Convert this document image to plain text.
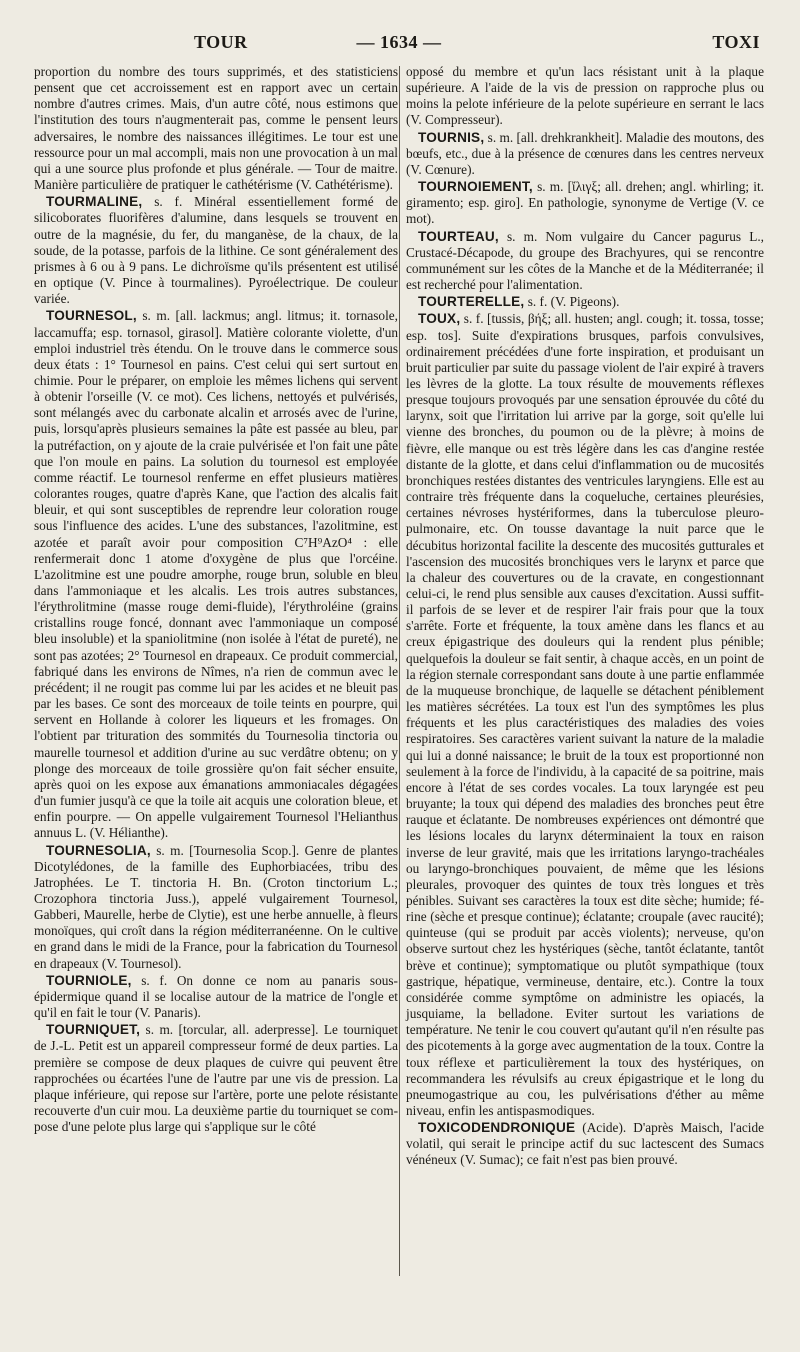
TOUR	— 1634 —	TOXI

proportion du nombre des tours supprimés, et des statisticiens pensent que cet accroissement est en rapport avec un certain nombre d'autres crimes. Mais, d'un autre côté, nous estimons que l'institution des tours n'augmenterait pas, comme le pensent leurs adversaires, le nombre des naissances illégitimes. Le tour est une ressource pour un mal accompli, mais non une provocation à un mal qui a une source plus profonde et plus générale. — Tour de maitre. Manière particulière de pratiquer le cathétérisme (V. Cathétérisme).

TOURMALINE, s. f. Minéral essentiellement formé de silicoborates fluorifères d'alumine, dans lesquels se trouvent en outre de la magnésie, du fer, du manganèse, de la chaux, de la soude, de la potasse, parfois de la lithine. Ce sont généralement des prismes à 6 ou à 9 pans. Le dichroïsme qu'ils présentent est utilisé en optique (V. Pince à tourmalines). Pyroélectrique. De couleur variée.

TOURNESOL, s. m. [all. lackmus; angl. litmus; it. tornasole, laccamuffa; esp. tornasol, girasol]. Matière colorante violette, d'un emploi industriel très étendu. On le trouve dans le commerce sous deux états : 1° Tournesol en pains. C'est celui qui sert surtout en chimie. Pour le préparer, on emploie les mêmes lichens qui servent à obtenir l'orseille (V. ce mot). Ces lichens, nettoyés et pulvérisés, sont mélangés avec du carbonate alcalin et arrosés avec de l'urine, puis, lorsqu'après plusieurs semaines la pâte est passée au bleu, par la putréfaction, on y ajoute de la craie pulvérisée et l'on fait une pâte que l'on moule en pains. La solution du tournesol est employée comme réactif. Le tournesol renferme en effet plusieurs matières colorantes rouges, quatre d'après Kane, que l'action des alcalis fait bleuir, et qui sont susceptibles de reprendre leur coloration rouge sous l'influence des acides. L'une des substances, l'azolitmine, est azotée et paraît avoir pour composition C⁷H⁹AzO⁴ : elle renfermerait donc 1 atome d'oxygène de plus que l'orcéine. L'azolitmine est une poudre amorphe, rouge brun, soluble en bleu dans l'ammoniaque et les alcalis. Les trois autres substances, l'érythrolitmine (masse rouge demi-fluide), l'érythroléine (grains cristallins rouge foncé, donnant avec l'ammoniaque un composé bleu insoluble) et la spaniolitmine (non isolée à l'état de pureté), ne sont pas azotées; 2° Tournesol en drapeaux. Ce produit commercial, fabriqué dans les environs de Nîmes, n'a rien de commun avec le précédent; il ne rougit pas comme lui par les acides et ne bleuit pas par les bases. Ce sont des morceaux de toile teints en pourpre, qui servent en Hollande à colorer les liqueurs et les fromages. On l'obtient par trituration des sommités du Tournesolia tinctoria ou maurelle tournesol et addition d'urine au suc verdâtre obtenu; on y plonge des morceaux de toile grossière qu'on fait sécher ensuite, après quoi on les expose aux émanations ammoniacales dégagées d'un fumier jusqu'à ce que la toile ait acquis une coloration bleue, et enfin pourpre. — On appelle vulgairement Tournesol l'Helianthus annuus L. (V. Hélianthe).

TOURNESOLIA, s. m. [Tournesolia Scop.]. Genre de plantes Dicotylédones, de la famille des Euphorbiacées, tribu des Jatrophées. Le T. tinctoria H. Bn. (Croton tinctorium L.; Crozophora tinctoria Juss.), appelé vulgairement Tournesol, Gabberi, Maurelle, herbe de Clytie), est une herbe annuelle, à fleurs monoïques, qui croît dans la région méditerranéenne. On le cultive en grand dans le midi de la France, pour la fabrication du Tournesol en drapeaux (V. Tournesol).

TOURNIOLE, s. f. On donne ce nom au panaris sous-épidermique quand il se localise autour de la matrice de l'ongle et qu'il en fait le tour (V. Panaris).

TOURNIQUET, s. m. [torcular, all. aderpresse]. Le tourniquet de J.-L. Petit est un appareil compresseur formé de deux parties. La première se compose de deux plaques de cuivre qui peuvent être rapprochées ou écartées l'une de l'autre par une vis de pression. La plaque inférieure, qui repose sur l'artère, porte une pelote résistante recouverte d'un cuir mou. La deuxième partie du tourniquet se compose d'une pelote plus large qui s'applique sur le côté

opposé du membre et qu'un lacs résistant unit à la plaque supérieure. A l'aide de la vis de pression on rapproche plus ou moins la pelote inférieure de la pelote supérieure en serrant le lacs (V. Compresseur).

TOURNIS, s. m. [all. drehkrankheit]. Maladie des moutons, des bœufs, etc., due à la présence de cœnures dans les centres nerveux (V. Cœnure).

TOURNOIEMENT, s. m. [ἴλιγξ; all. drehen; angl. whirling; it. giramento; esp. giro]. En pathologie, synonyme de Vertige (V. ce mot).

TOURTEAU, s. m. Nom vulgaire du Cancer pagurus L., Crustacé-Décapode, du groupe des Brachyures, qui se rencontre communément sur les côtes de la Manche et de la Méditerranée; il est recherché pour l'alimentation.

TOURTERELLE, s. f. (V. Pigeons).

TOUX, s. f. [tussis, βήξ; all. husten; angl. cough; it. tossa, tosse; esp. tos]. Suite d'expirations brusques, parfois convulsives, ordinairement précédées d'une forte inspiration, et produisant un bruit particulier par suite du passage violent de l'air expiré à travers les lèvres de la glotte. La toux résulte de mouvements réflexes presque toujours provoqués par une sensation éprouvée du côté du larynx, soit que l'irritation lui arrive par la gorge, soit qu'elle lui vienne des bronches, du poumon ou de la plèvre; à moins de fièvre, elle manque ou est très légère dans les cas d'angine restée distante de la glotte, et dans celui d'inflammation ou de mucosités bronchiques restées distantes des ventricules laryngiens. Elle est au contraire très fréquente dans la coqueluche, certaines pleurésies, certaines névroses hystériformes, dans la tuberculose pleuro-pulmonaire, etc. On tousse davantage la nuit parce que le décubitus horizontal facilite la descente des mucosités gutturales et l'ascension des mucosités bronchiques vers le larynx et parce que la chaleur des couvertures ou de la cravate, en congestionnant celui-ci, le rend plus sensible aux causes d'excitation. Aussi suffit-il parfois de se lever et de respirer l'air frais pour que la toux s'arrête. Forte et fréquente, la toux amène dans les flancs et au creux épigastrique des douleurs qui la rendent plus pénible; quelquefois la douleur se fait sentir, à chaque accès, en un point de la région sternale correspondant sans doute à une partie enflammée de la muqueuse bronchique, de laquelle se détachent péniblement les matières sécrétées. La toux est l'un des symptômes les plus fréquents et les plus caractéristiques des maladies des voies respiratoires. Ses caractères varient suivant la nature de la maladie qui lui a donné naissance; le bruit de la toux est proportionné non seulement à la force de l'individu, à la capacité de sa poitrine, mais encore à l'état de ses cordes vocales. La toux laryngée est peu bruyante; la toux qui dépend des maladies des bronches peut être rauque et éclatante. De nombreuses expériences ont démontré que les lésions locales du larynx déterminaient la toux en raison inverse de leur gravité, mais que les irritations laryngo-trachéales ou laryngo-bronchiques pouvaient, de même que les lésions pleurales, provoquer des quintes de toux très longues et très pénibles. Suivant ses caractères la toux est dite sèche; humide; férine (sèche et presque continue); éclatante; croupale (avec raucité); quinteuse (qui se produit par accès violents); nerveuse, qu'on observe surtout chez les hystériques (sèche, tantôt éclatante, tantôt brève et continue); symptomatique ou plutôt sympathique (toux gastrique, hépatique, vermineuse, dentaire, etc.). Contre la toux considérée comme symptôme on administre les opiacés, la jusquiame, la belladone. Eviter surtout les variations de température. Ne tenir le cou couvert qu'autant qu'il n'en résulte pas des picotements à la gorge avec augmentation de la toux. Contre la toux réflexe et particulièrement la toux des hystériques, on recommandera les révulsifs au creux épigastrique et le long du pneumogastrique au cou, les pulvérisations d'éther au même niveau, enfin les antispasmodiques.

TOXICODENDRONIQUE (Acide). D'après Maisch, l'acide volatil, qui serait le principe actif du suc lactescent des Sumacs vénéneux (V. Sumac); ce fait n'est pas bien prouvé.
